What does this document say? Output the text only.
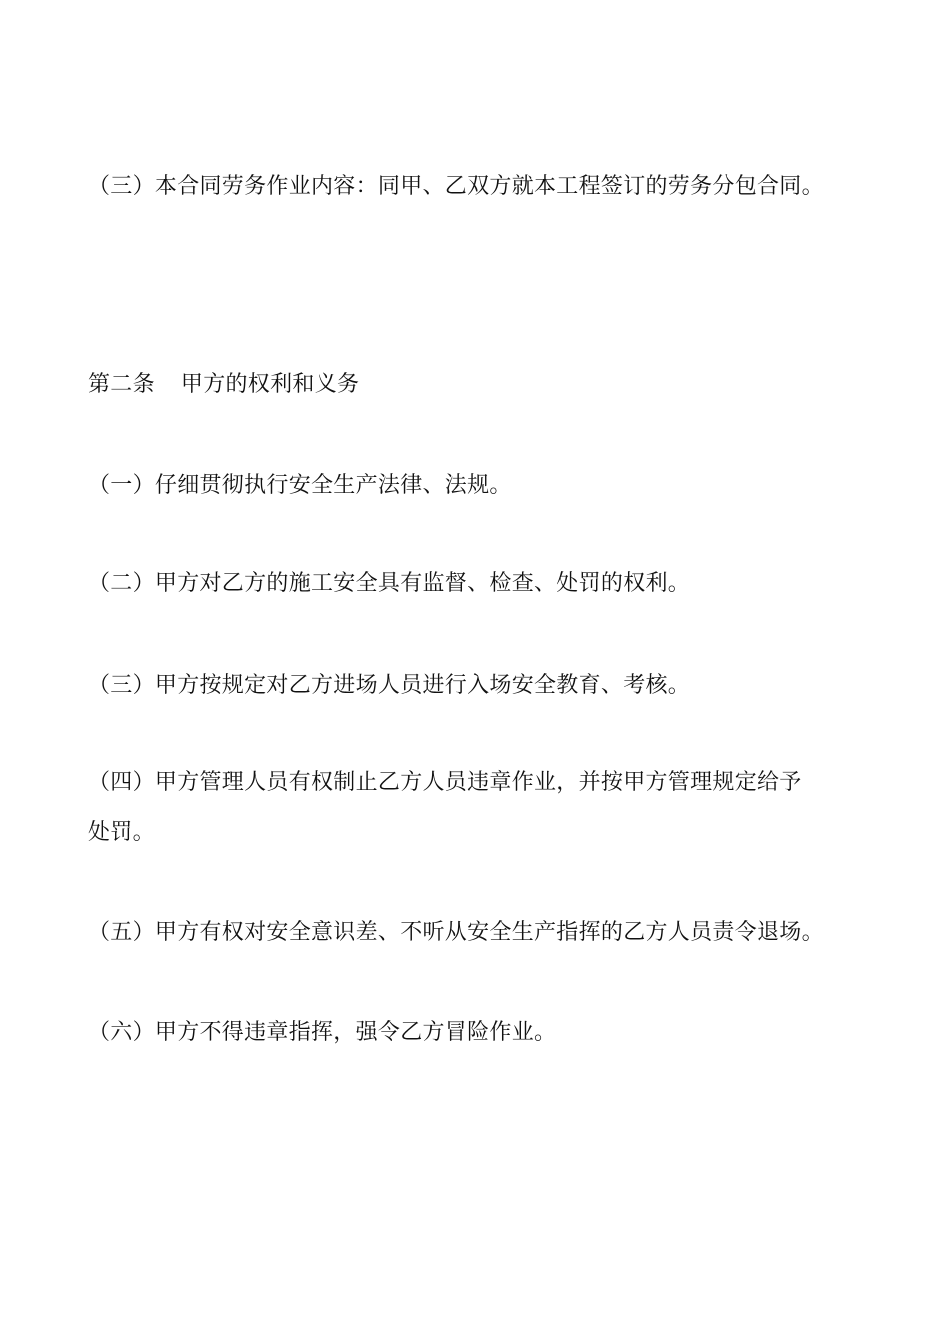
（三）本合同劳务作业内容：同甲、乙双方就本工程签订的劳务分包合同。
第二条 甲方的权利和义务
（一）仔细贯彻执行安全生产法律、法规。
（二）甲方对乙方的施工安全具有监督、检查、处罚的权利。
（三）甲方按规定对乙方进场人员进行入场安全教育、考核。
（四）甲方管理人员有权制止乙方人员违章作业，并按甲方管理规定给予
处罚。
（五）甲方有权对安全意识差、不听从安全生产指挥的乙方人员责令退场。
（六）甲方不得违章指挥，强令乙方冒险作业。
